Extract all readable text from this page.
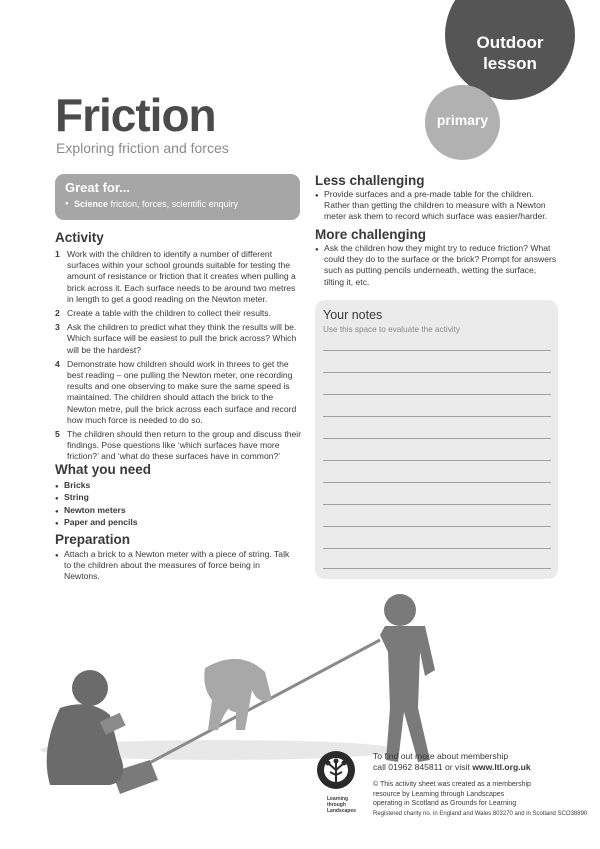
Outdoor
lesson
primary
Friction
Exploring friction and forces
Great for...
● Science friction, forces, scientific enquiry
Activity
1 Work with the children to identify a number of different surfaces within your school grounds suitable for testing the amount of resistance or friction that it creates when pulling a brick across it. Each surface needs to be around two metres in length to get a good reading on the Newton meter.
2 Create a table with the children to collect their results.
3 Ask the children to predict what they think the results will be. Which surface will be easiest to pull the brick across? Which will be the hardest?
4 Demonstrate how children should work in threes to get the best reading – one pulling the Newton meter, one recording results and one observing to make sure the same speed is maintained. The children should attach the brick to the Newton metre, pull the brick across each surface and record how much force is needed to do so.
5 The children should then return to the group and discuss their findings. Pose questions like ‘which surfaces have more friction?’ and ‘what do these surfaces have in common?’
What you need
● Bricks
● String
● Newton meters
● Paper and pencils
Preparation
● Attach a brick to a Newton meter with a piece of string. Talk to the children about the measures of force being in Newtons.
Less challenging
● Provide surfaces and a pre-made table for the children. Rather than getting the children to measure with a Newton meter ask them to record which surface was easier/harder.
More challenging
● Ask the children how they might try to reduce friction? What could they do to the surface or the brick? Prompt for answers such as putting pencils underneath, wetting the surface, tilting it, etc.
Your notes
Use this space to evaluate the activity
Learning
through
Landscapes
To find out more about membership
call 01962 845811 or visit www.ltl.org.uk
© This activity sheet was created as a membership
resource by Learning through Landscapes
operating in Scotland as Grounds for Learning
Registered charity no. in England and Wales 803270 and in Scotland SCO38890
